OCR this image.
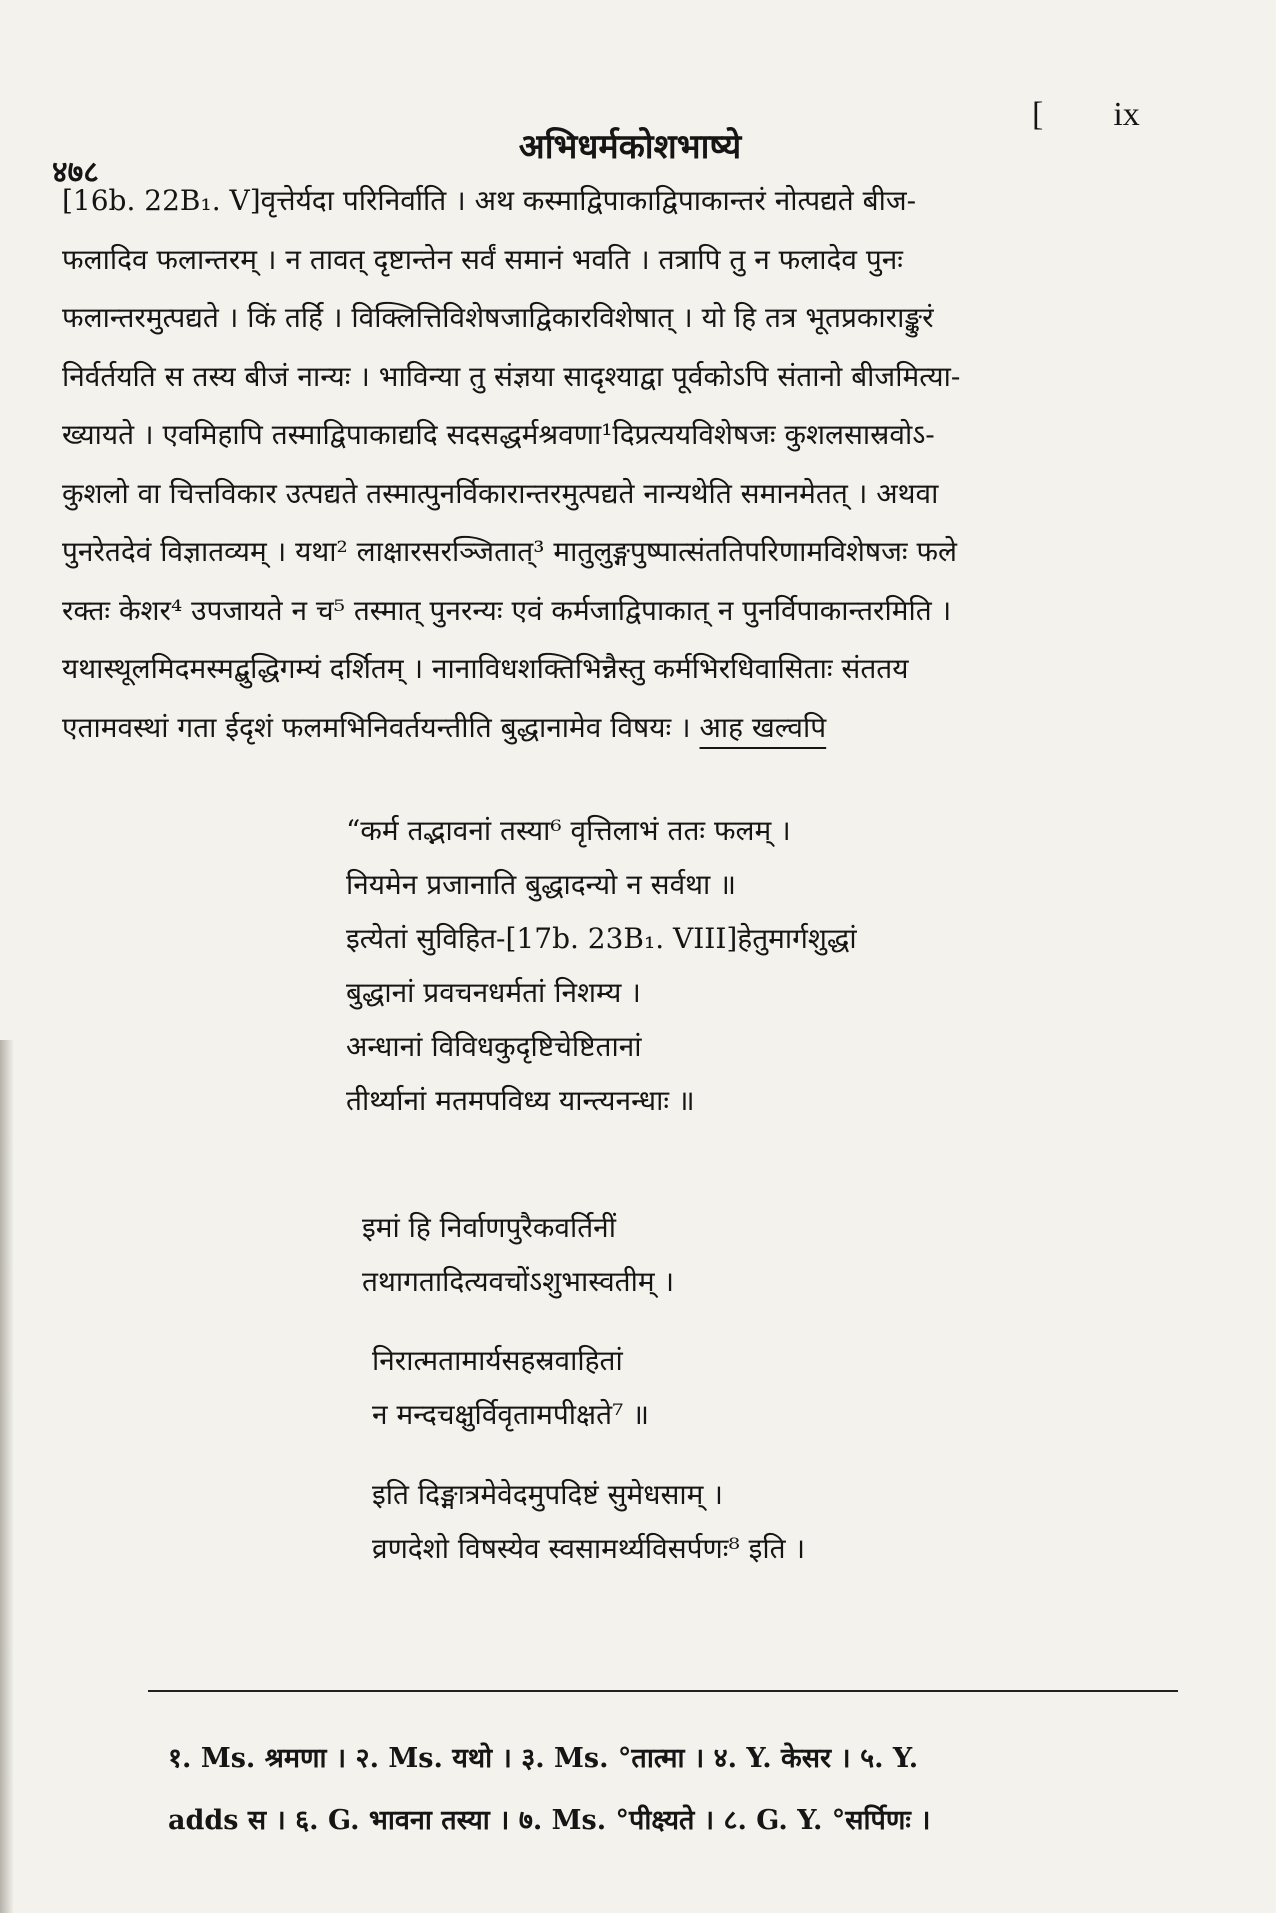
४७८
अभिधर्मकोशभाष्ये
[ ix
[16b. 22B₁. V]वृत्तेर्यदा परिनिर्वाति । अथ कस्माद्विपाकाद्विपाकान्तरं नोत्पद्यते बीज-
फलादिव फलान्तरम् । न तावत् दृष्टान्तेन सर्वं समानं भवति । तत्रापि तु न फलादेव पुनः
फलान्तरमुत्पद्यते । किं तर्हि । विक्लित्तिविशेषजाद्विकारविशेषात् । यो हि तत्र भूतप्रकाराङ्कुरं
निर्वर्तयति स तस्य बीजं नान्यः । भाविन्या तु संज्ञया सादृश्याद्वा पूर्वकोऽपि संतानो बीजमित्या-
ख्यायते । एवमिहापि तस्माद्विपाकाद्यदि सदसद्धर्मश्रवणा¹दिप्रत्ययविशेषजः कुशलसास्रवोऽ-
कुशलो वा चित्तविकार उत्पद्यते तस्मात्पुनर्विकारान्तरमुत्पद्यते नान्यथेति समानमेतत् । अथवा
पुनरेतदेवं विज्ञातव्यम् । यथा² लाक्षारसरञ्जितात्³ मातुलुङ्गपुष्पात्संततिपरिणामविशेषजः फले
रक्तः केशर⁴ उपजायते न च⁵ तस्मात् पुनरन्यः एवं कर्मजाद्विपाकात् न पुनर्विपाकान्तरमिति ।
यथास्थूलमिदमस्मद्बुद्धिगम्यं दर्शितम् । नानाविधशक्तिभिन्नैस्तु कर्मभिरधिवासिताः संततय
एतामवस्थां गता ईदृशं फलमभिनिवर्तयन्तीति बुद्धानामेव विषयः । आह खल्वपि
“कर्म तद्भावनां तस्या⁶ वृत्तिलाभं ततः फलम् ।
नियमेन प्रजानाति बुद्धादन्यो न सर्वथा ॥
इत्येतां सुविहित-[17b. 23B₁. VIII]हेतुमार्गशुद्धां
बुद्धानां प्रवचनधर्मतां निशम्य ।
अन्धानां विविधकुदृष्टिचेष्टितानां
तीर्थ्यानां मतमपविध्य यान्त्यनन्धाः ॥
इमां हि निर्वाणपुरैकवर्तिनीं
तथागतादित्यवचोंऽशुभास्वतीम् ।
निरात्मतामार्यसहस्रवाहितां
न मन्दचक्षुर्विवृतामपीक्षते⁷ ॥
इति दिङ्मात्रमेवेदमुपदिष्टं सुमेधसाम् ।
व्रणदेशो विषस्येव स्वसामर्थ्यविसर्पणः⁸ इति ।
१. Ms. श्रमणा । २. Ms. यथो । ३. Ms. °तात्मा । ४. Y. केसर । ५. Y.
adds स । ६. G. भावना तस्या । ७. Ms. °पीक्ष्यते । ८. G. Y. °सर्पिणः ।
